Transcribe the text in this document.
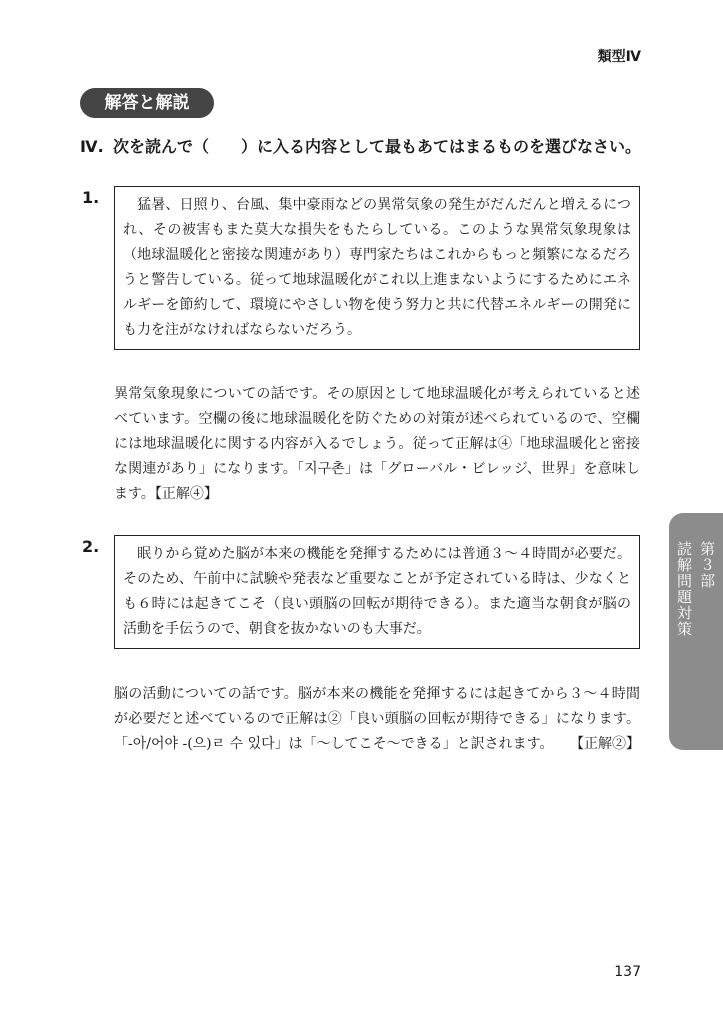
類型Ⅳ
解答と解説
Ⅳ. 次を読んで（　　）に入る内容として最もあてはまるものを選びなさい。
1.	　猛暑、日照り、台風、集中豪雨などの異常気象の発生がだんだんと増えるにつれ、その被害もまた莫大な損失をもたらしている。このような異常気象現象は（地球温暖化と密接な関連があり）専門家たちはこれからもっと頻繁になるだろうと警告している。従って地球温暖化がこれ以上進まないようにするためにエネルギーを節約して、環境にやさしい物を使う努力と共に代替エネルギーの開発にも力を注がなければならないだろう。
異常気象現象についての話です。その原因として地球温暖化が考えられていると述べています。空欄の後に地球温暖化を防ぐための対策が述べられているので、空欄には地球温暖化に関する内容が入るでしょう。従って正解は④「地球温暖化と密接な関連があり」になります。「지구촌」は「グローバル・ビレッジ、世界」を意味します。【正解④】
2.	　眠りから覚めた脳が本来の機能を発揮するためには普通３～４時間が必要だ。そのため、午前中に試験や発表など重要なことが予定されている時は、少なくとも６時には起きてこそ（良い頭脳の回転が期待できる）。また適当な朝食が脳の活動を手伝うので、朝食を抜かないのも大事だ。
脳の活動についての話です。脳が本来の機能を発揮するには起きてから３～４時間が必要だと述べているので正解は②「良い頭脳の回転が期待できる」になります。「-아/어야 -(으)ㄹ 수 있다」は「～してこそ～できる」と訳されます。 【正解②】
第３部
読解問題対策
137
